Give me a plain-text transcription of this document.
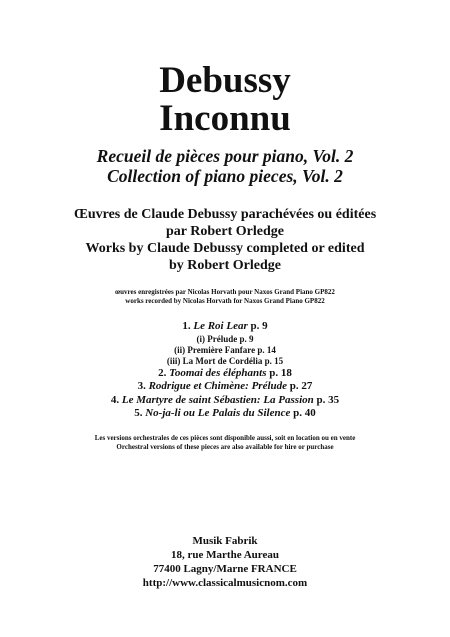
Debussy
Inconnu

Recueil de pièces pour piano, Vol. 2

Collection of piano pieces, Vol. 2

Œuvres de Claude Debussy parachévées ou éditées

par Robert Orledge

Works by Claude Debussy completed or edited

by Robert Orledge

œuvres enregistrées par Nicolas Horvath pour Naxos Grand Piano GP822

works recorded by Nicolas Horvath for Naxos Grand Piano GP822

1. Le Roi Lear p. 9

(i) Prélude p. 9

(ii) Première Fanfare p. 14

(iii) La Mort de Cordélia p. 15

2. Toomai des éléphants p. 18

3. Rodrigue et Chimène: Prélude p. 27

4. Le Martyre de saint Sébastien: La Passion p. 35

5. No-ja-li ou Le Palais du Silence p. 40

Les versions orchestrales de ces pièces sont disponible aussi, soit en location ou en vente

Orchestral versions of these pieces are also available for hire or purchase

Musik Fabrik

18, rue Marthe Aureau

77400 Lagny/Marne FRANCE

http://www.classicalmusicnom.com
